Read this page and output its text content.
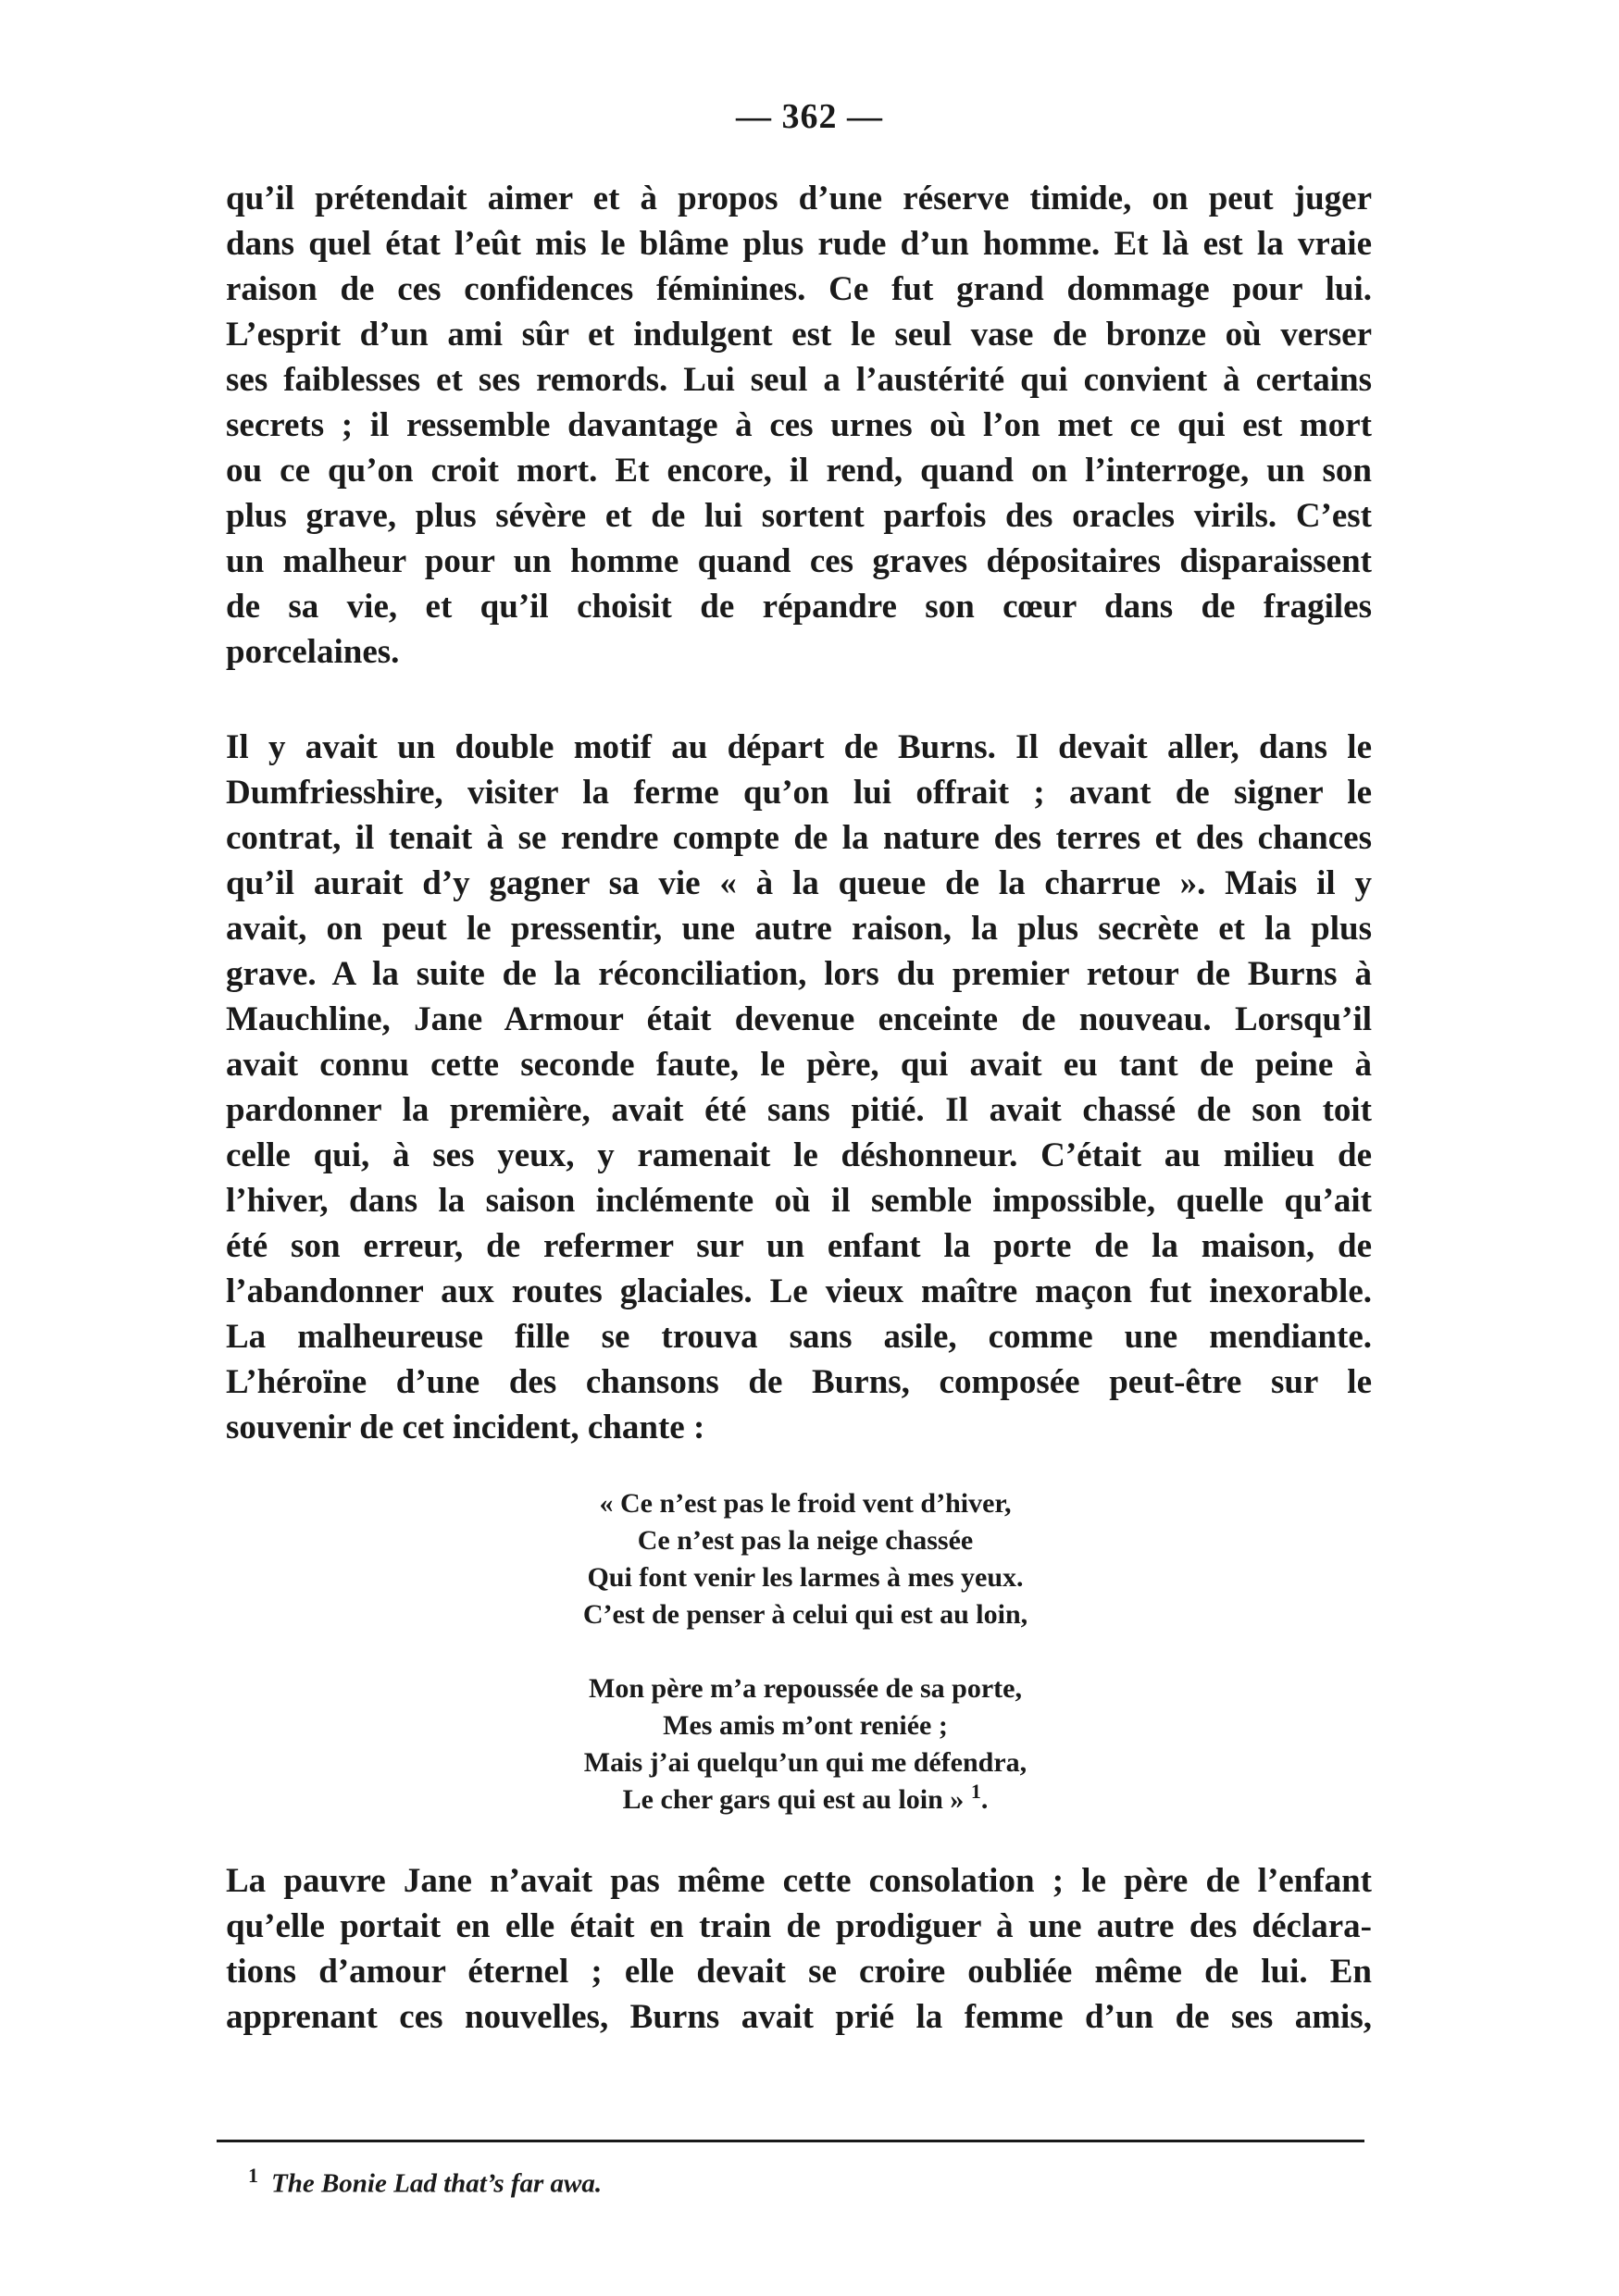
— 362 —
qu’il prétendait aimer et à propos d’une réserve timide, on peut juger
dans quel état l’eût mis le blâme plus rude d’un homme. Et là est la vraie
raison de ces confidences féminines. Ce fut grand dommage pour lui.
L’esprit d’un ami sûr et indulgent est le seul vase de bronze où verser
ses faiblesses et ses remords. Lui seul a l’austérité qui convient à certains
secrets ; il ressemble davantage à ces urnes où l’on met ce qui est mort
ou ce qu’on croit mort. Et encore, il rend, quand on l’interroge, un son
plus grave, plus sévère et de lui sortent parfois des oracles virils. C’est
un malheur pour un homme quand ces graves dépositaires disparaissent
de sa vie, et qu’il choisit de répandre son cœur dans de fragiles
porcelaines.
Il y avait un double motif au départ de Burns. Il devait aller, dans le
Dumfriesshire, visiter la ferme qu’on lui offrait ; avant de signer le
contrat, il tenait à se rendre compte de la nature des terres et des chances
qu’il aurait d’y gagner sa vie « à la queue de la charrue ». Mais il y
avait, on peut le pressentir, une autre raison, la plus secrète et la plus
grave. A la suite de la réconciliation, lors du premier retour de Burns à
Mauchline, Jane Armour était devenue enceinte de nouveau. Lorsqu’il
avait connu cette seconde faute, le père, qui avait eu tant de peine à
pardonner la première, avait été sans pitié. Il avait chassé de son toit
celle qui, à ses yeux, y ramenait le déshonneur. C’était au milieu de
l’hiver, dans la saison inclémente où il semble impossible, quelle qu’ait
été son erreur, de refermer sur un enfant la porte de la maison, de
l’abandonner aux routes glaciales. Le vieux maître maçon fut inexorable.
La malheureuse fille se trouva sans asile, comme une mendiante.
L’héroïne d’une des chansons de Burns, composée peut-être sur le
souvenir de cet incident, chante :
« Ce n’est pas le froid vent d’hiver,
Ce n’est pas la neige chassée
Qui font venir les larmes à mes yeux.
C’est de penser à celui qui est au loin,
Mon père m’a repoussée de sa porte,
Mes amis m’ont reniée ;
Mais j’ai quelqu’un qui me défendra,
Le cher gars qui est au loin » $^1$.
La pauvre Jane n’avait pas même cette consolation ; le père de l’enfant
qu’elle portait en elle était en train de prodiguer à une autre des déclara-
tions d’amour éternel ; elle devait se croire oubliée même de lui. En
apprenant ces nouvelles, Burns avait prié la femme d’un de ses amis,
$^1$ The Bonie Lad that’s far awa.
